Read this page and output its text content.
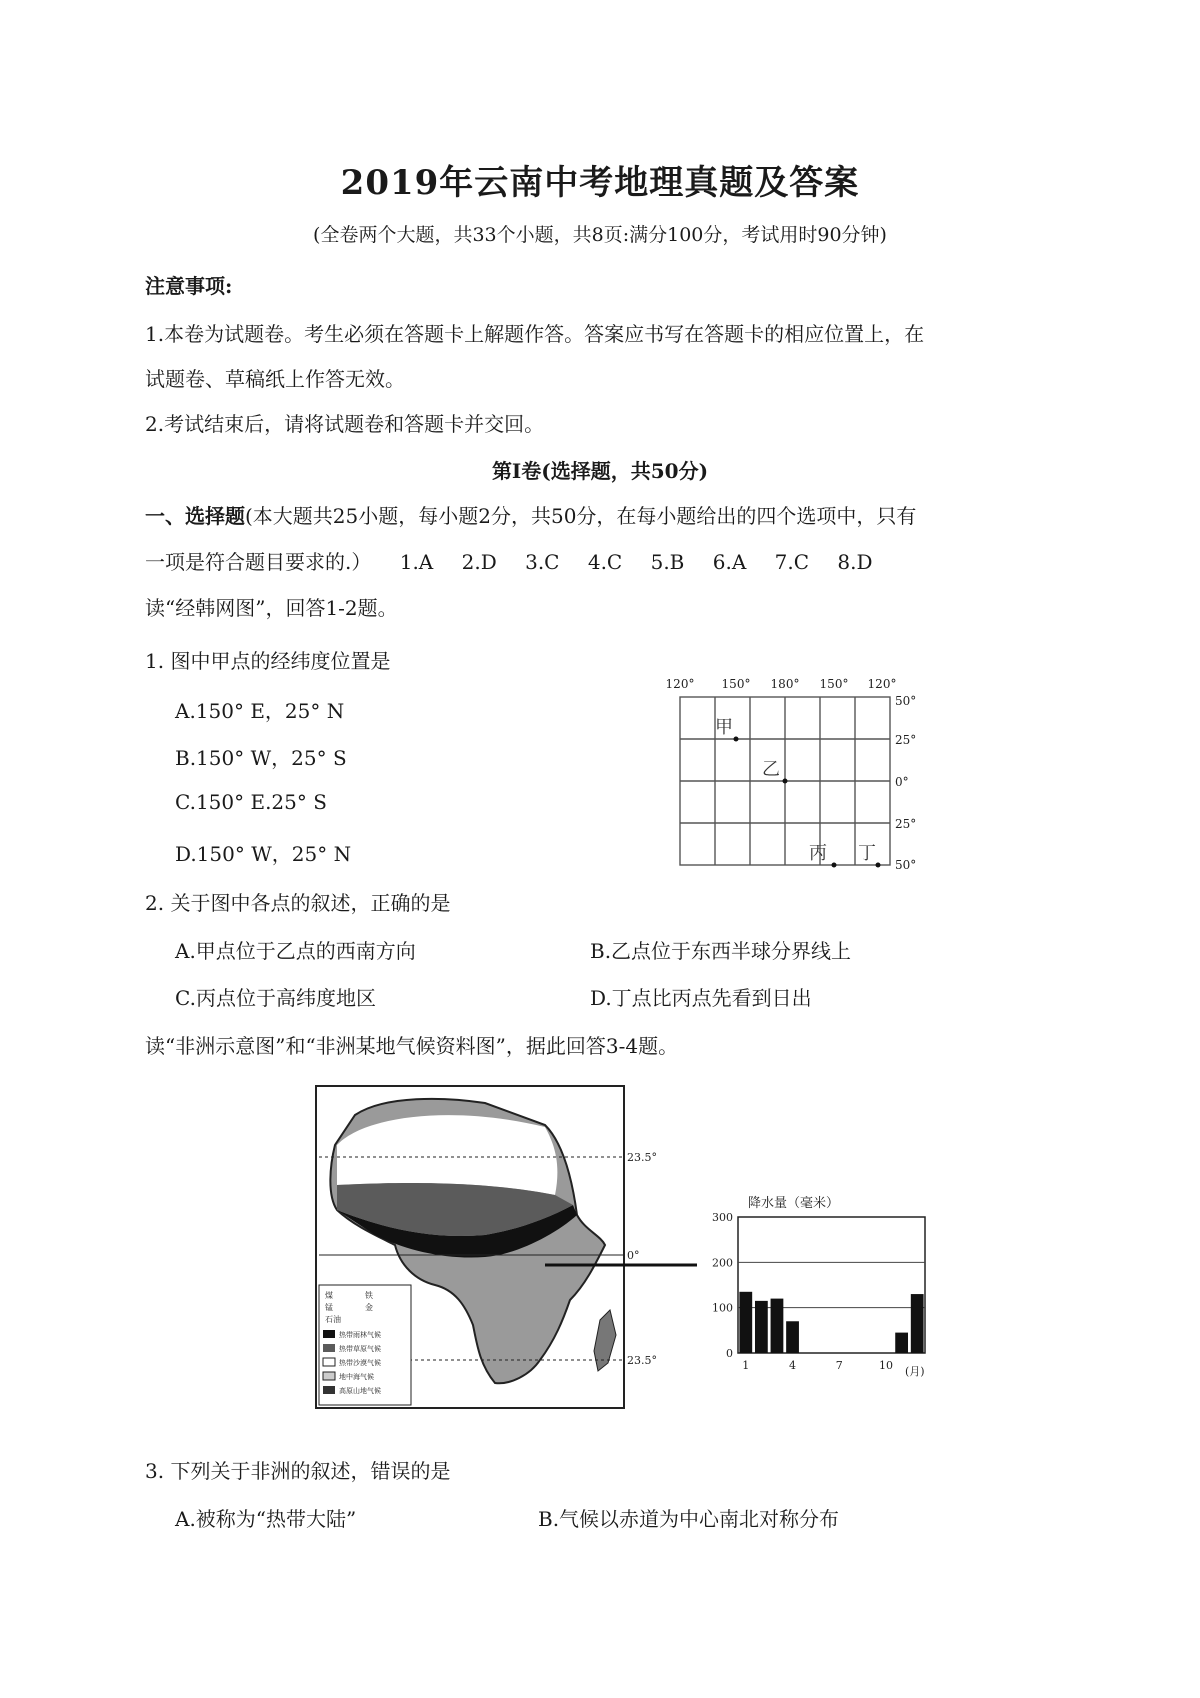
2019年云南中考地理真题及答案
(全卷两个大题，共33个小题，共8页:满分100分，考试用时90分钟)
注意事项:
1.本卷为试题卷。考生必须在答题卡上解题作答。答案应书写在答题卡的相应位置上，在
试题卷、草稿纸上作答无效。
2.考试结束后，请将试题卷和答题卡并交回。
第Ⅰ卷(选择题，共50分)
一、选择题(本大题共25小题，每小题2分，共50分，在每小题给出的四个选项中，只有
一项是符合题目要求的.） 1.A 2.D 3.C 4.C 5.B 6.A 7.C 8.D
读“经韩网图”，回答1-2题。
1. 图中甲点的经纬度位置是
A.150° E，25° N
B.150° W，25° S
C.150° E.25° S
D.150° W，25° N
120° 150° 180° 150° 120°
50°
25°
0°
25°
50°
甲
乙
丙 丁
2. 关于图中各点的叙述，正确的是
A.甲点位于乙点的西南方向	B.乙点位于东西半球分界线上
C.丙点位于高纬度地区	D.丁点比丙点先看到日出
读“非洲示意图”和“非洲某地气候资料图”，据此回答3-4题。
23.5°
0°
23.5°
煤	铁
锰	金
石油
热带雨林气候
热带草原气候
热带沙漠气候
地中海气候
高原山地气候
降水量（毫米）
0
100
200
300
1	4	7	10 (月)
3. 下列关于非洲的叙述，错误的是
A.被称为“热带大陆”	B.气候以赤道为中心南北对称分布
